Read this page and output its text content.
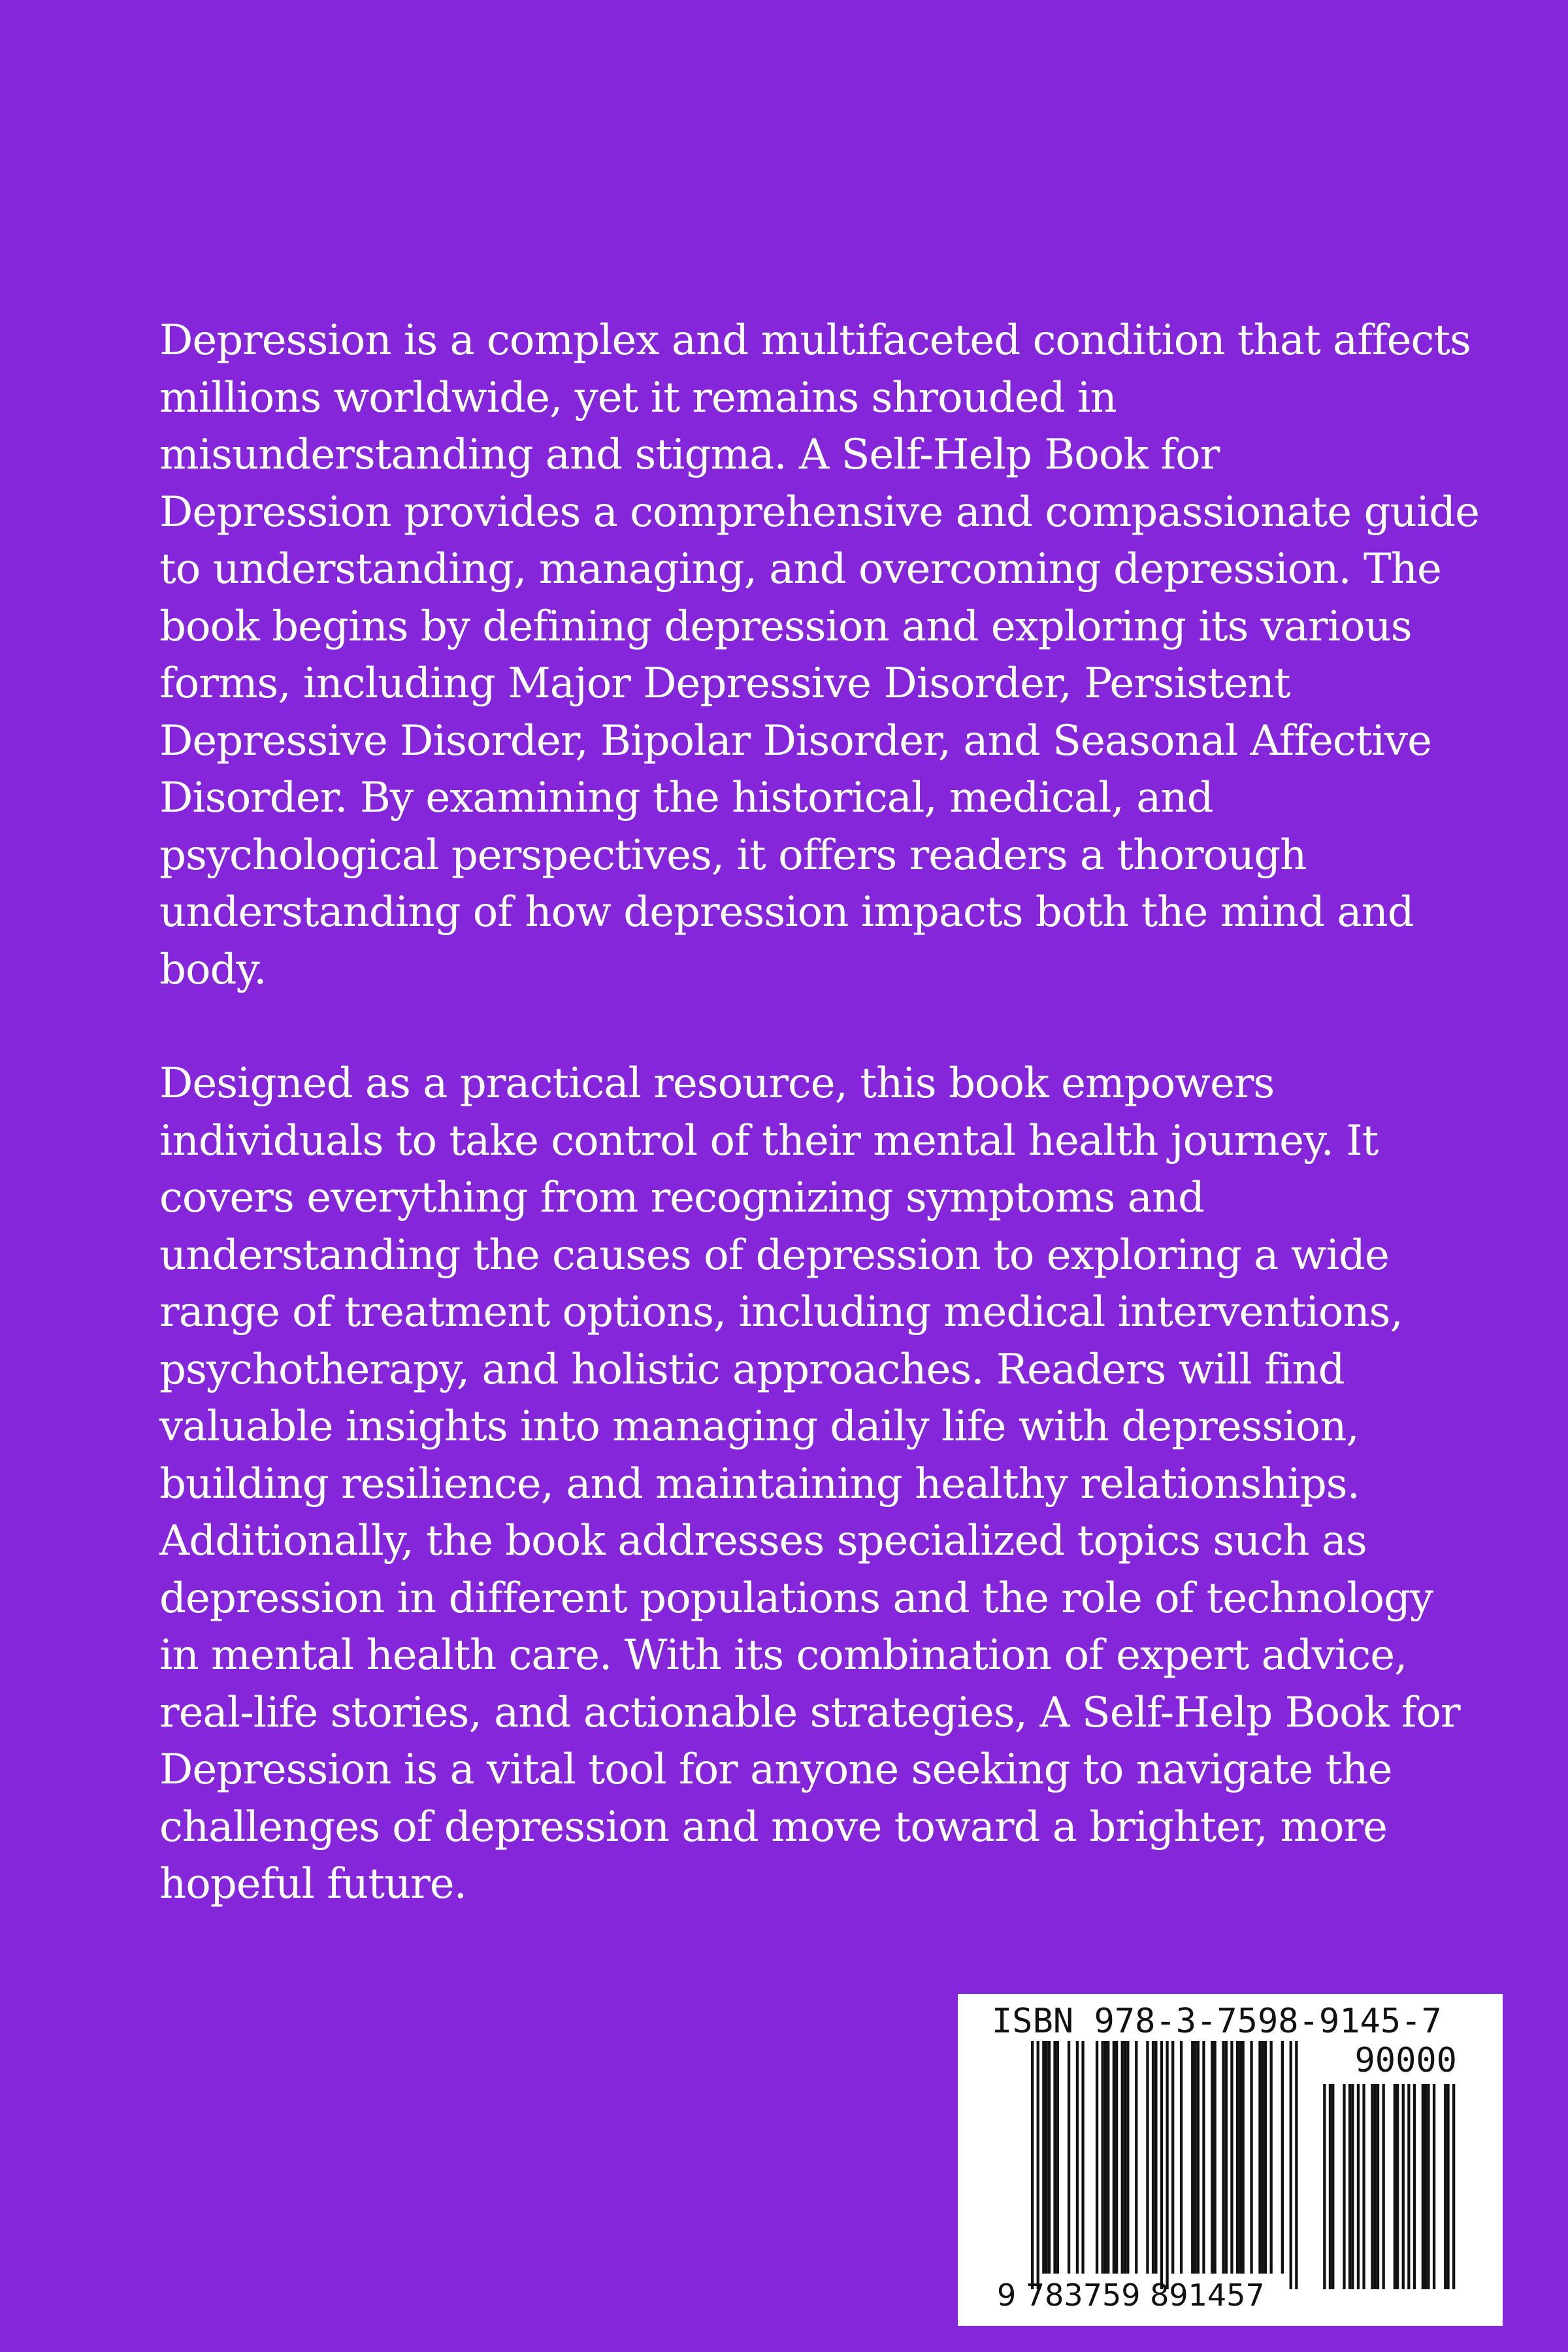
Depression is a complex and multifaceted condition that affects
millions worldwide, yet it remains shrouded in
misunderstanding and stigma. A Self-Help Book for
Depression provides a comprehensive and compassionate guide
to understanding, managing, and overcoming depression. The
book begins by defining depression and exploring its various
forms, including Major Depressive Disorder, Persistent
Depressive Disorder, Bipolar Disorder, and Seasonal Affective
Disorder. By examining the historical, medical, and
psychological perspectives, it offers readers a thorough
understanding of how depression impacts both the mind and
body.

Designed as a practical resource, this book empowers
individuals to take control of their mental health journey. It
covers everything from recognizing symptoms and
understanding the causes of depression to exploring a wide
range of treatment options, including medical interventions,
psychotherapy, and holistic approaches. Readers will find
valuable insights into managing daily life with depression,
building resilience, and maintaining healthy relationships.
Additionally, the book addresses specialized topics such as
depression in different populations and the role of technology
in mental health care. With its combination of expert advice,
real-life stories, and actionable strategies, A Self-Help Book for
Depression is a vital tool for anyone seeking to navigate the
challenges of depression and move toward a brighter, more
hopeful future.

ISBN 978-3-7598-9145-7
90000
9 783759 891457
